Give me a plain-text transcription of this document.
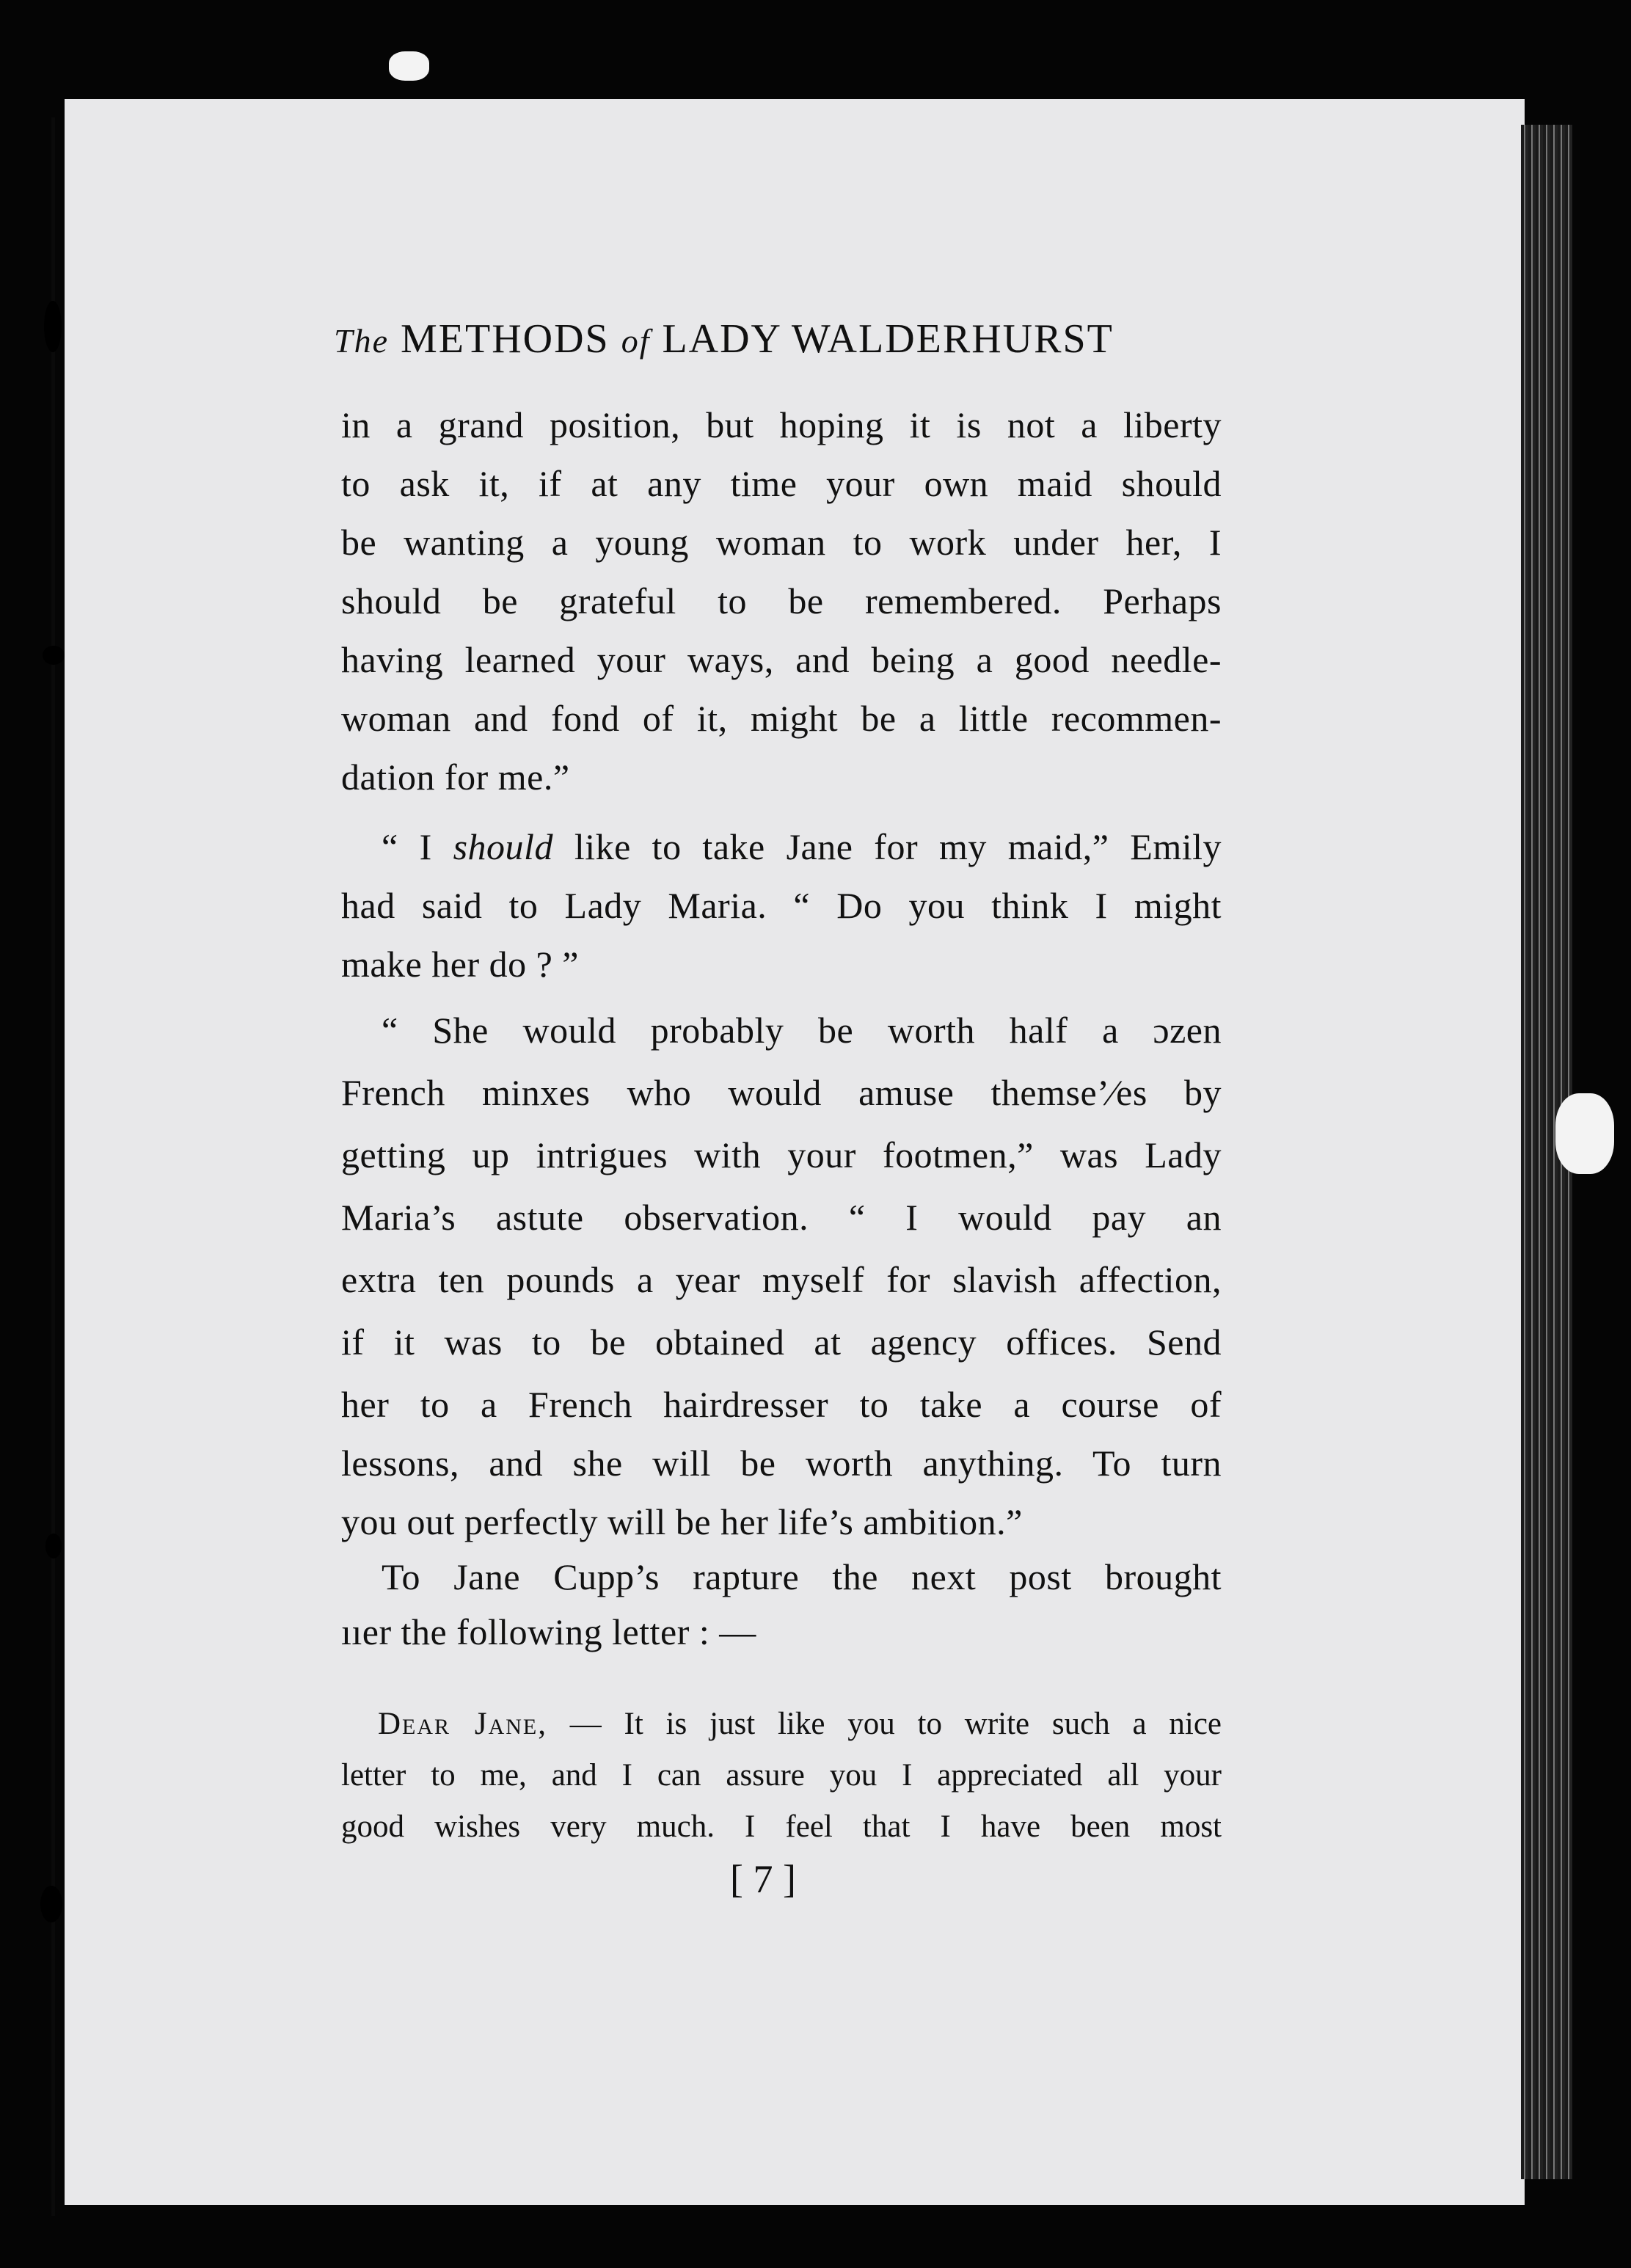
The METHODS of LADY WALDERHURST
in a grand position, but hoping it is not a liberty
to ask it, if at any time your own maid should
be wanting a young woman to work under her, I
should be grateful to be remembered. Perhaps
having learned your ways, and being a good needle-
woman and fond of it, might be a little recommen-
dation for me.”
“ I should like to take Jane for my maid,” Emily
had said to Lady Maria. “ Do you think I might
make her do ? ”
“ She would probably be worth half a ɔzen
French minxes who would amuse themse’⁄es by
getting up intrigues with your footmen,” was Lady
Maria’s astute observation. “ I would pay an
extra ten pounds a year myself for slavish affection,
if it was to be obtained at agency offices. Send
her to a French hairdresser to take a course of
lessons, and she will be worth anything. To turn
you out perfectly will be her life’s ambition.”
To Jane Cupp’s rapture the next post brought
ııer the following letter : —
Dear Jane, — It is just like you to write such a nice
letter to me, and I can assure you I appreciated all your
good wishes very much. I feel that I have been most
[ 7 ]
